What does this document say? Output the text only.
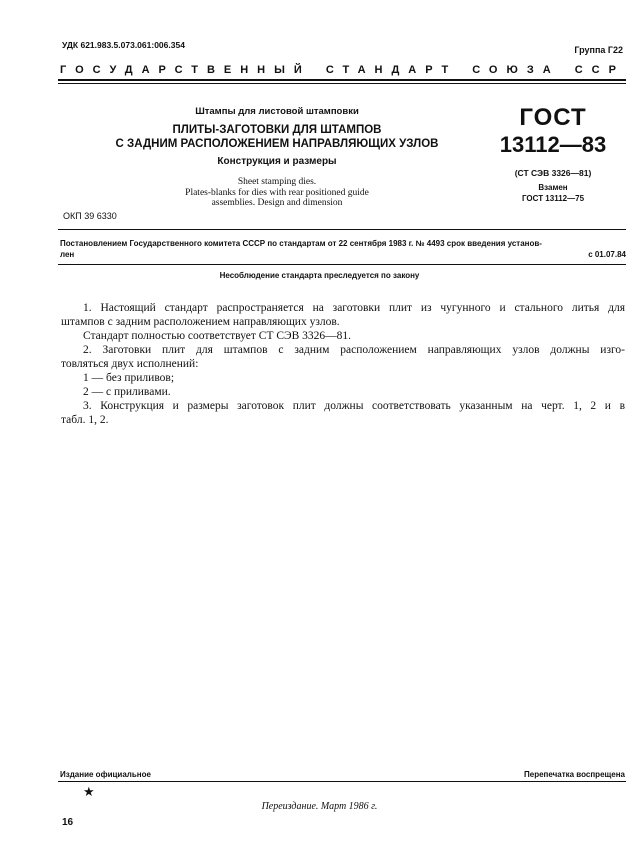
УДК 621.983.5.073.061:006.354	Группа Г22
ГОСУДАРСТВЕННЫЙ СТАНДАРТ СОЮЗА ССР
Штампы для листовой штамповки
ПЛИТЫ-ЗАГОТОВКИ ДЛЯ ШТАМПОВ
С ЗАДНИМ РАСПОЛОЖЕНИЕМ НАПРАВЛЯЮЩИХ УЗЛОВ
Конструкция и размеры
Sheet stamping dies.
Plates-blanks for dies with rear positioned guide
assemblies. Design and dimension
ГОСТ
13112—83
(СТ СЭВ 3326—81)
Взамен
ГОСТ 13112—75
ОКП 39 6330
Постановлением Государственного комитета СССР по стандартам от 22 сентября 1983 г. № 4493 срок введения установ-
лен	с 01.07.84
Несоблюдение стандарта преследуется по закону
1. Настоящий стандарт распространяется на заготовки плит из чугунного и стального литья для
штампов с задним расположением направляющих узлов.
Стандарт полностью соответствует СТ СЭВ 3326—81.
2. Заготовки плит для штампов с задним расположением направляющих узлов должны изго-
товляться двух исполнений:
1 — без приливов;
2 — с приливами.
3. Конструкция и размеры заготовок плит должны соответствовать указанным на черт. 1, 2 и в
табл. 1, 2.
Издание официальное	Перепечатка воспрещена
★
Переиздание. Март 1986 г.
16
